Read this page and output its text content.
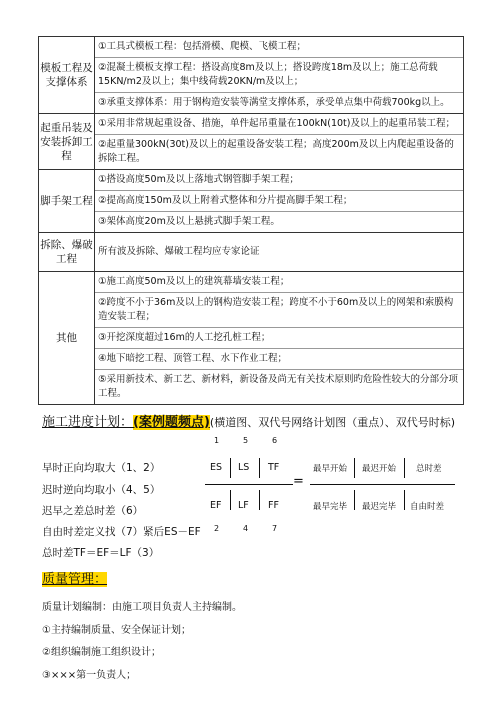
模板工程及支撑体系	①工具式模板工程：包括滑模、爬模、飞模工程；
②混凝土模板支撑工程：搭设高度8m及以上；搭设跨度18m及以上；施工总荷载15KN/m2及以上；集中线荷载20KN/m及以上；
③承重支撑体系：用于钢构造安装等满堂支撑体系，承受单点集中荷载700kg以上。

起重吊装及安装拆卸工程	①采用非常规起重设备、措施，单件起吊重量在100kN(10t)及以上的起重吊装工程；
②起重量300kN(30t)及以上的起重设备安装工程；高度200m及以上内爬起重设备的拆除工程。

脚手架工程	①搭设高度50m及以上落地式钢管脚手架工程；
②提高高度150m及以上附着式整体和分片提高脚手架工程；
③架体高度20m及以上悬挑式脚手架工程。

拆除、爆破工程	所有波及拆除、爆破工程均应专家论证

其他	①施工高度50m及以上的建筑幕墙安装工程；
②跨度不小于36m及以上的钢构造安装工程；跨度不小于60m及以上的网架和索膜构造安装工程；
③开挖深度超过16m的人工挖孔桩工程；
④地下暗挖工程、顶管工程、水下作业工程；
⑤采用新技术、新工艺、新材料，新设备及尚无有关技术原则旳危险性较大的分部分项工程。
施工进度计划：(案例题频点)(横道图、双代号网络计划图（重点）、双代号时标)
早时正向均取大（1、2）
迟时逆向均取小（4、5）
迟早之差总时差（6）
自由时差定义找（7）紧后ES－EF
总时差TF＝EF＝LF（3）
1	5	6
ES LS TF
EF LF FF
2	4	7
=
最早开始 最迟开始 总时差
最早完毕 最迟完毕 自由时差
质量管理：
质量计划编制：由施工项目负责人主持编制。
①主持编制质量、安全保证计划；
②组织编制施工组织设计；
③×××第一负责人；
